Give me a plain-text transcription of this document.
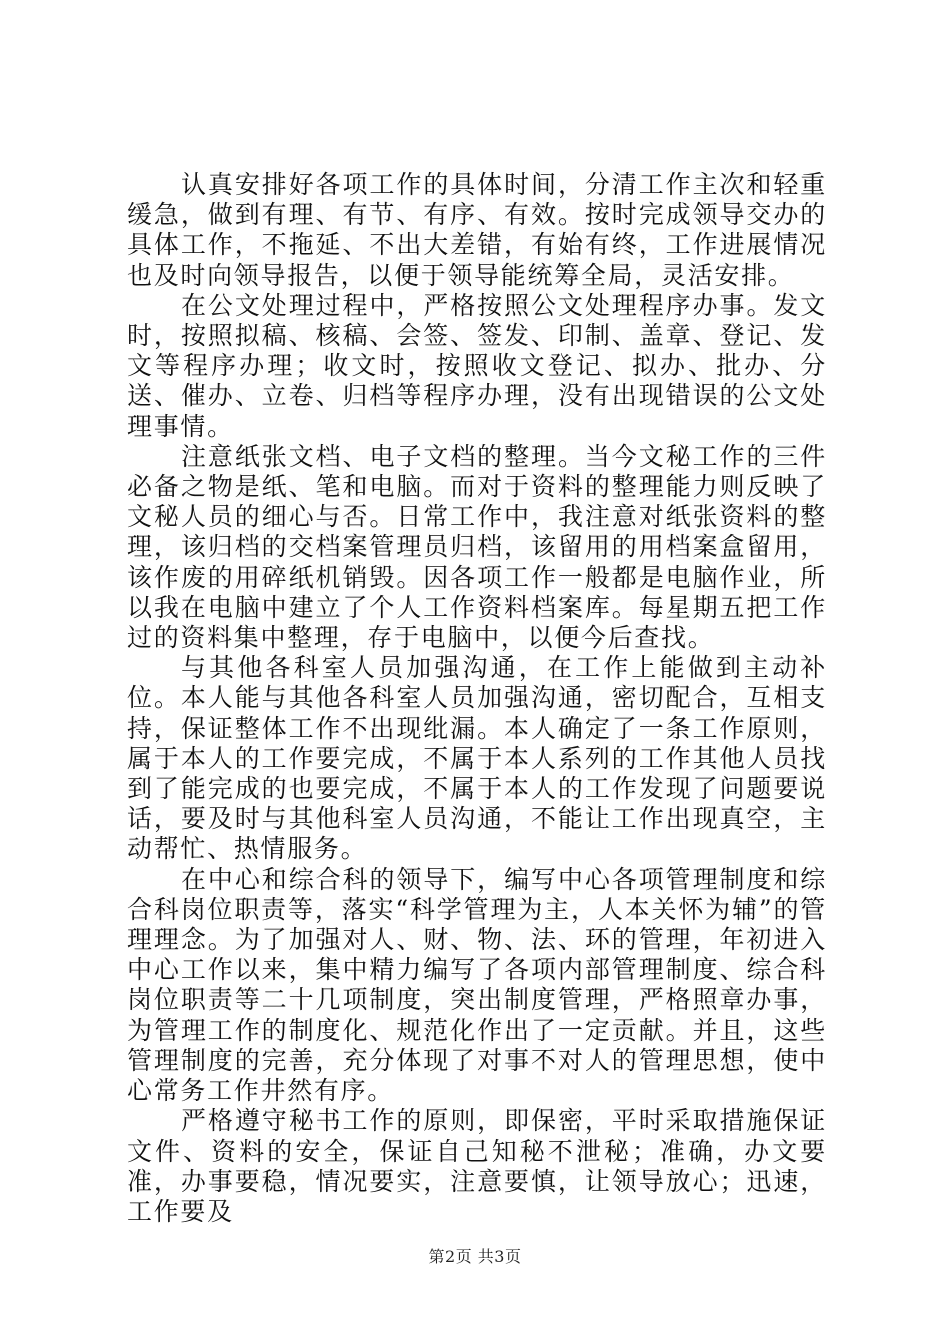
认真安排好各项工作的具体时间，分清工作主次和轻重缓急，做到有理、有节、有序、有效。按时完成领导交办的具体工作，不拖延、不出大差错，有始有终，工作进展情况也及时向领导报告，以便于领导能统筹全局，灵活安排。

在公文处理过程中，严格按照公文处理程序办事。发文时，按照拟稿、核稿、会签、签发、印制、盖章、登记、发文等程序办理；收文时，按照收文登记、拟办、批办、分送、催办、立卷、归档等程序办理，没有出现错误的公文处理事情。

注意纸张文档、电子文档的整理。当今文秘工作的三件必备之物是纸、笔和电脑。而对于资料的整理能力则反映了文秘人员的细心与否。日常工作中，我注意对纸张资料的整理，该归档的交档案管理员归档，该留用的用档案盒留用，该作废的用碎纸机销毁。因各项工作一般都是电脑作业，所以我在电脑中建立了个人工作资料档案库。每星期五把工作过的资料集中整理，存于电脑中，以便今后查找。

与其他各科室人员加强沟通，在工作上能做到主动补位。本人能与其他各科室人员加强沟通，密切配合，互相支持，保证整体工作不出现纰漏。本人确定了一条工作原则，属于本人的工作要完成，不属于本人系列的工作其他人员找到了能完成的也要完成，不属于本人的工作发现了问题要说话，要及时与其他科室人员沟通，不能让工作出现真空，主动帮忙、热情服务。

在中心和综合科的领导下，编写中心各项管理制度和综合科岗位职责等，落实“科学管理为主，人本关怀为辅”的管理理念。为了加强对人、财、物、法、环的管理，年初进入中心工作以来，集中精力编写了各项内部管理制度、综合科岗位职责等二十几项制度，突出制度管理，严格照章办事，为管理工作的制度化、规范化作出了一定贡献。并且，这些管理制度的完善，充分体现了对事不对人的管理思想，使中心常务工作井然有序。

严格遵守秘书工作的原则，即保密，平时采取措施保证文件、资料的安全，保证自己知秘不泄秘；准确，办文要准，办事要稳，情况要实，注意要慎，让领导放心；迅速，工作要及

第2页 共3页
